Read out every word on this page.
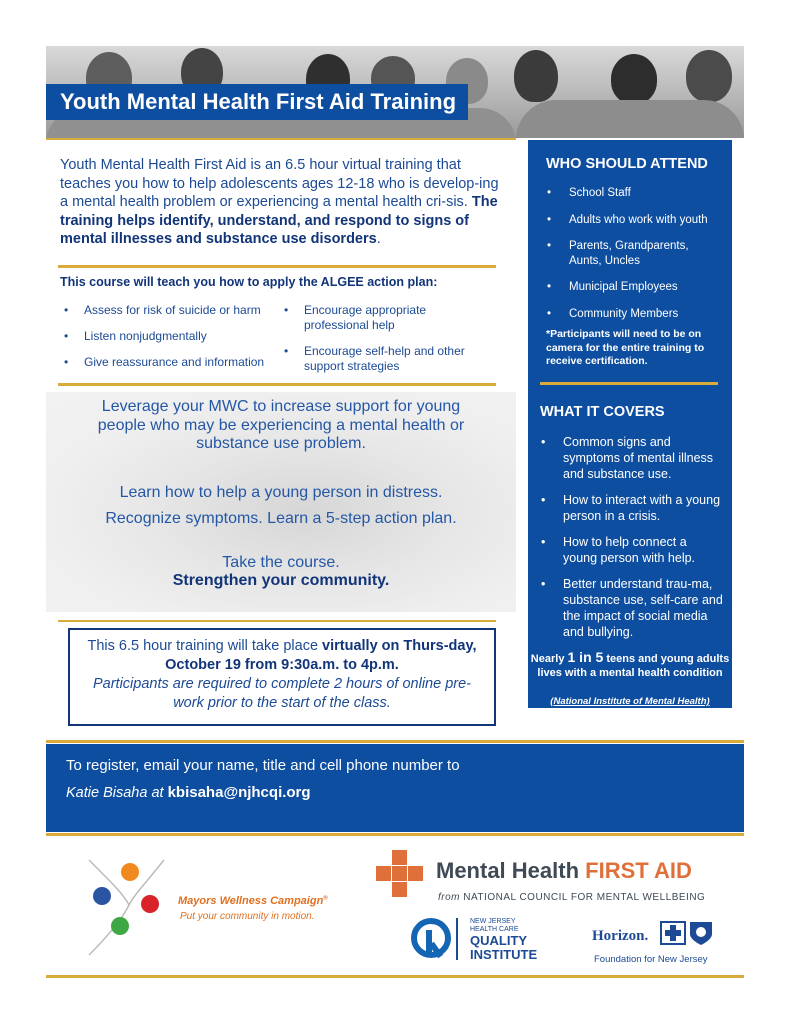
Youth Mental Health First Aid Training
Youth Mental Health First Aid is an 6.5 hour virtual training that teaches you how to help adolescents ages 12-18 who is develop-ing a mental health problem or experiencing a mental health cri-sis. The training helps identify, understand, and respond to signs of mental illnesses and substance use disorders.
This course will teach you how to apply the ALGEE action plan:
• Assess for risk of suicide or harm
• Listen nonjudgmentally
• Give reassurance and information
• Encourage appropriate professional help
• Encourage self-help and other support strategies
Leverage your MWC to increase support for young people who may be experiencing a mental health or substance use problem.
Learn how to help a young person in distress.
Recognize symptoms. Learn a 5-step action plan.
Take the course.
Strengthen your community.
This 6.5 hour training will take place virtually on Thurs-day, October 19 from 9:30a.m. to 4p.m.
Participants are required to complete 2 hours of online pre-work prior to the start of the class.
WHO SHOULD ATTEND
• School Staff
• Adults who work with youth
• Parents, Grandparents, Aunts, Uncles
• Municipal Employees
• Community Members
*Participants will need to be on camera for the entire training to receive certification.
WHAT IT COVERS
• Common signs and symptoms of mental illness and substance use.
• How to interact with a young person in a crisis.
• How to help connect a young person with help.
• Better understand trau-ma, substance use, self-care and the impact of social media and bullying.
Nearly 1 in 5 teens and young adults lives with a mental health condition
(National Institute of Mental Health)
To register, email your name, title and cell phone number to
Katie Bisaha at kbisaha@njhcqi.org
Mayors Wellness Campaign®
Put your community in motion.
Mental Health FIRST AID
from NATIONAL COUNCIL FOR MENTAL WELLBEING
NEW JERSEY
HEALTH CARE
QUALITY
INSTITUTE
Horizon.
Foundation for New Jersey
